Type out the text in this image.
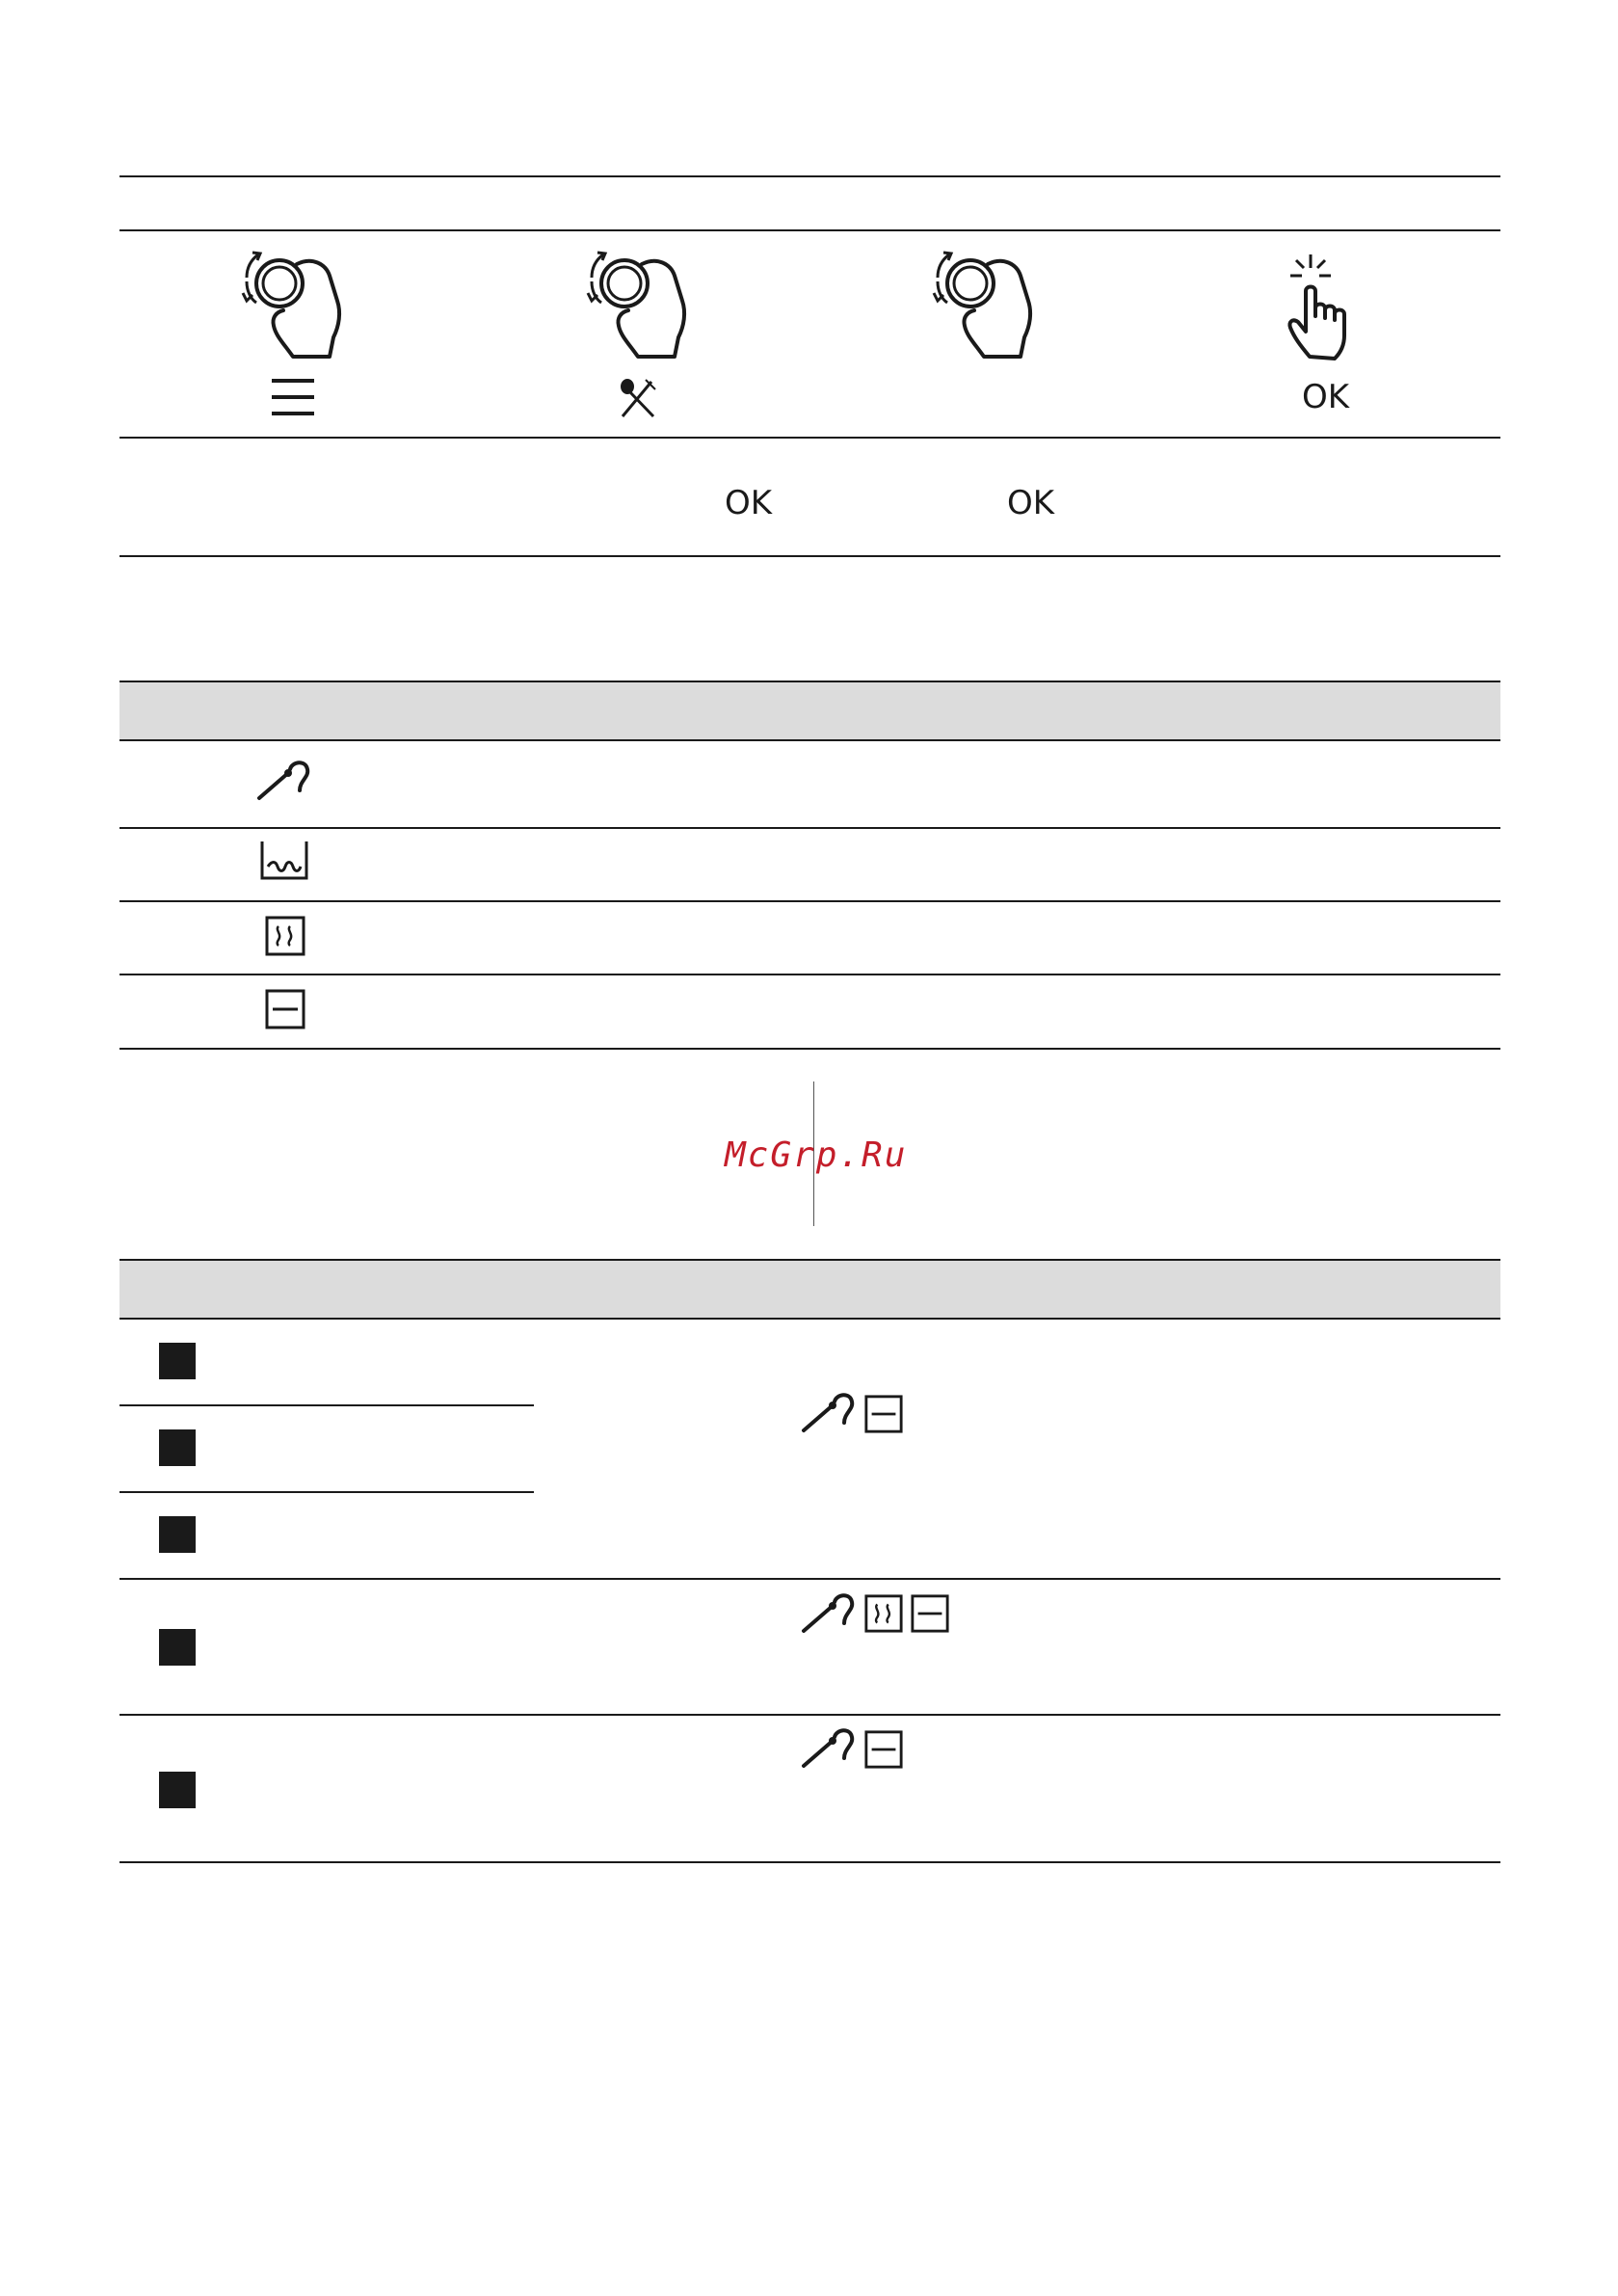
OK
OK	OK
McGrp.Ru
